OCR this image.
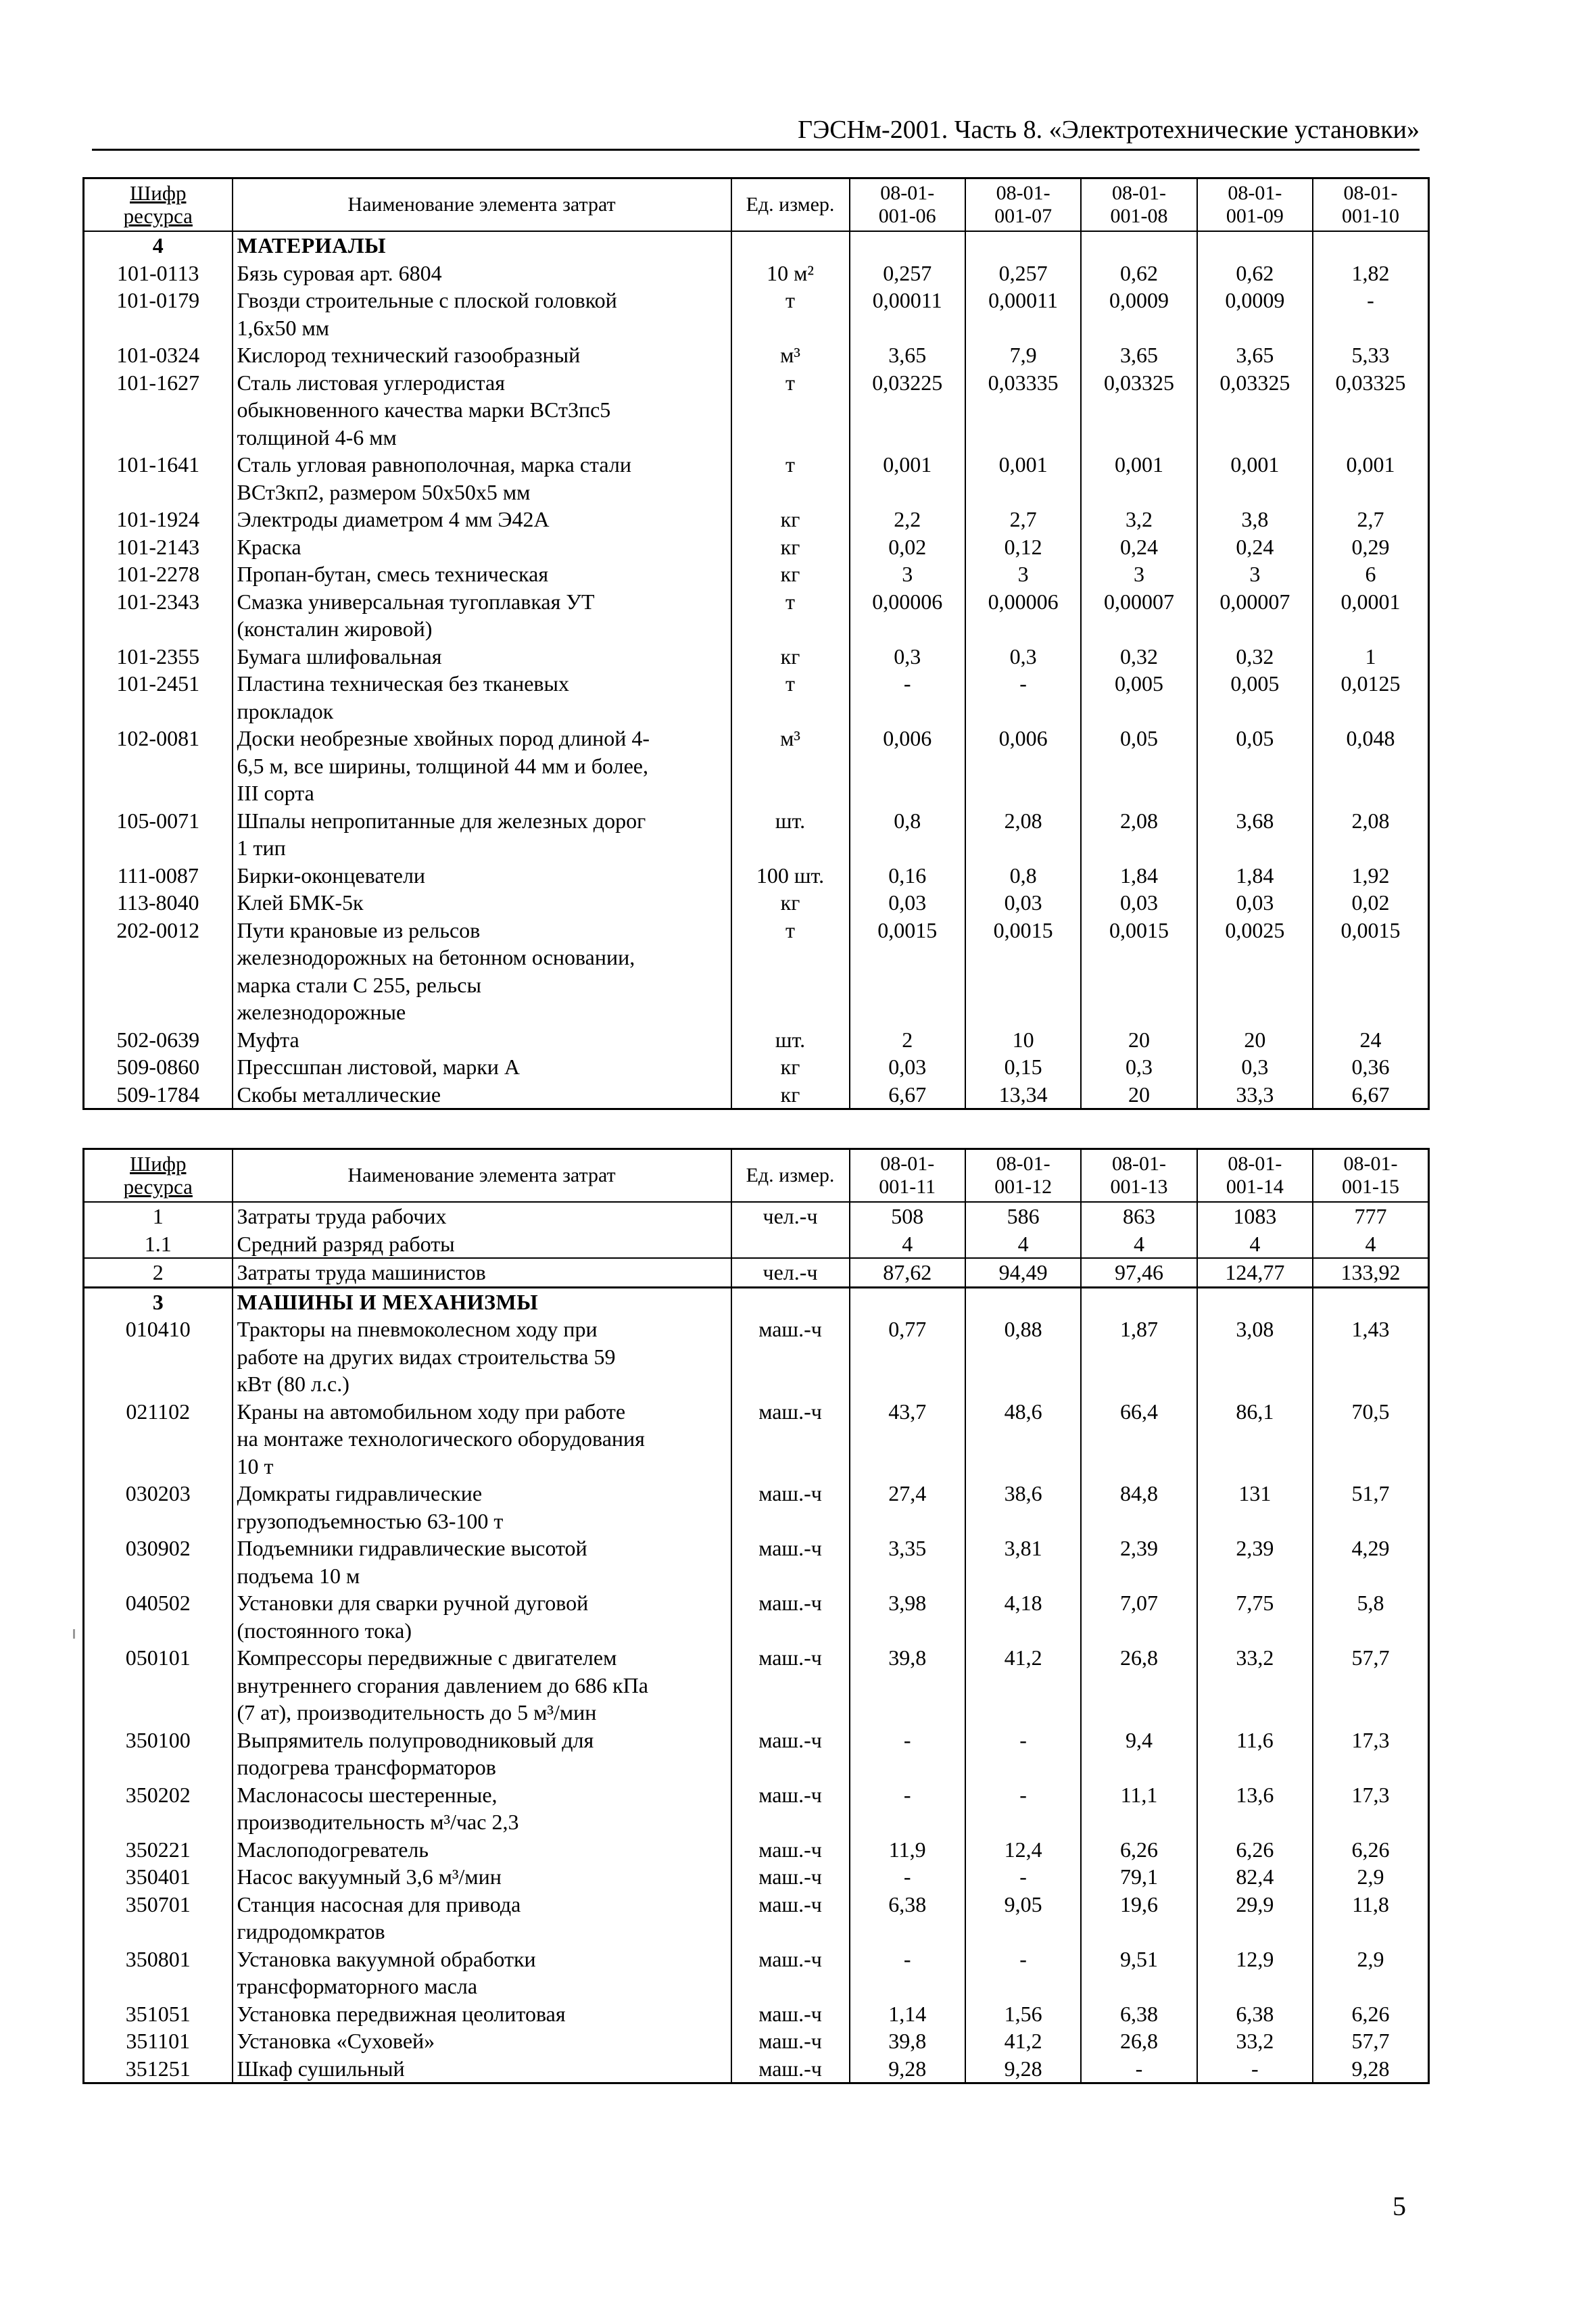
ГЭСНм-2001. Часть 8. «Электротехнические установки»
Шифр
ресурса	Наименование элемента затрат	Ед. измер.	08-01-
001-06	08-01-
001-07	08-01-
001-08	08-01-
001-09	08-01-
001-10
4	МАТЕРИАЛЫ						
101-0113	Бязь суровая арт. 6804	10 м²	0,257	0,257	0,62	0,62	1,82
101-0179	Гвозди строительные с плоской головкой
1,6х50 мм	т	0,00011	0,00011	0,0009	0,0009	-
101-0324	Кислород технический газообразный	м³	3,65	7,9	3,65	3,65	5,33
101-1627	Сталь листовая углеродистая
обыкновенного качества марки ВСт3пс5
толщиной 4-6 мм	т	0,03225	0,03335	0,03325	0,03325	0,03325
101-1641	Сталь угловая равнополочная, марка стали
ВСт3кп2, размером 50х50х5 мм	т	0,001	0,001	0,001	0,001	0,001
101-1924	Электроды диаметром 4 мм Э42А	кг	2,2	2,7	3,2	3,8	2,7
101-2143	Краска	кг	0,02	0,12	0,24	0,24	0,29
101-2278	Пропан-бутан, смесь техническая	кг	3	3	3	3	6
101-2343	Смазка универсальная тугоплавкая УТ
(консталин жировой)	т	0,00006	0,00006	0,00007	0,00007	0,0001
101-2355	Бумага шлифовальная	кг	0,3	0,3	0,32	0,32	1
101-2451	Пластина техническая без тканевых
прокладок	т	-	-	0,005	0,005	0,0125
102-0081	Доски необрезные хвойных пород длиной 4-
6,5 м, все ширины, толщиной 44 мм и более,
III сорта	м³	0,006	0,006	0,05	0,05	0,048
105-0071	Шпалы непропитанные для железных дорог
1 тип	шт.	0,8	2,08	2,08	3,68	2,08
111-0087	Бирки-оконцеватели	100 шт.	0,16	0,8	1,84	1,84	1,92
113-8040	Клей БМК-5к	кг	0,03	0,03	0,03	0,03	0,02
202-0012	Пути крановые из рельсов
железнодорожных на бетонном основании,
марка стали С 255, рельсы
железнодорожные	т	0,0015	0,0015	0,0015	0,0025	0,0015
502-0639	Муфта	шт.	2	10	20	20	24
509-0860	Прессшпан листовой, марки А	кг	0,03	0,15	0,3	0,3	0,36
509-1784	Скобы металлические	кг	6,67	13,34	20	33,3	6,67
Шифр
ресурса	Наименование элемента затрат	Ед. измер.	08-01-
001-11	08-01-
001-12	08-01-
001-13	08-01-
001-14	08-01-
001-15
1	Затраты труда рабочих	чел.-ч	508	586	863	1083	777
1.1	Средний разряд работы		4	4	4	4	4
2	Затраты труда машинистов	чел.-ч	87,62	94,49	97,46	124,77	133,92
3	МАШИНЫ И МЕХАНИЗМЫ						
010410	Тракторы на пневмоколесном ходу при
работе на других видах строительства 59
кВт (80 л.с.)	маш.-ч	0,77	0,88	1,87	3,08	1,43
021102	Краны на автомобильном ходу при работе
на монтаже технологического оборудования
10 т	маш.-ч	43,7	48,6	66,4	86,1	70,5
030203	Домкраты гидравлические
грузоподъемностью 63-100 т	маш.-ч	27,4	38,6	84,8	131	51,7
030902	Подъемники гидравлические высотой
подъема 10 м	маш.-ч	3,35	3,81	2,39	2,39	4,29
040502	Установки для сварки ручной дуговой
(постоянного тока)	маш.-ч	3,98	4,18	7,07	7,75	5,8
050101	Компрессоры передвижные с двигателем
внутреннего сгорания давлением до 686 кПа
(7 ат), производительность до 5 м³/мин	маш.-ч	39,8	41,2	26,8	33,2	57,7
350100	Выпрямитель полупроводниковый для
подогрева трансформаторов	маш.-ч	-	-	9,4	11,6	17,3
350202	Маслонасосы шестеренные,
производительность м³/час 2,3	маш.-ч	-	-	11,1	13,6	17,3
350221	Маслоподогреватель	маш.-ч	11,9	12,4	6,26	6,26	6,26
350401	Насос вакуумный 3,6 м³/мин	маш.-ч	-	-	79,1	82,4	2,9
350701	Станция насосная для привода
гидродомкратов	маш.-ч	6,38	9,05	19,6	29,9	11,8
350801	Установка вакуумной обработки
трансформаторного масла	маш.-ч	-	-	9,51	12,9	2,9
351051	Установка передвижная цеолитовая	маш.-ч	1,14	1,56	6,38	6,38	6,26
351101	Установка «Суховей»	маш.-ч	39,8	41,2	26,8	33,2	57,7
351251	Шкаф сушильный	маш.-ч	9,28	9,28	-	-	9,28
5
